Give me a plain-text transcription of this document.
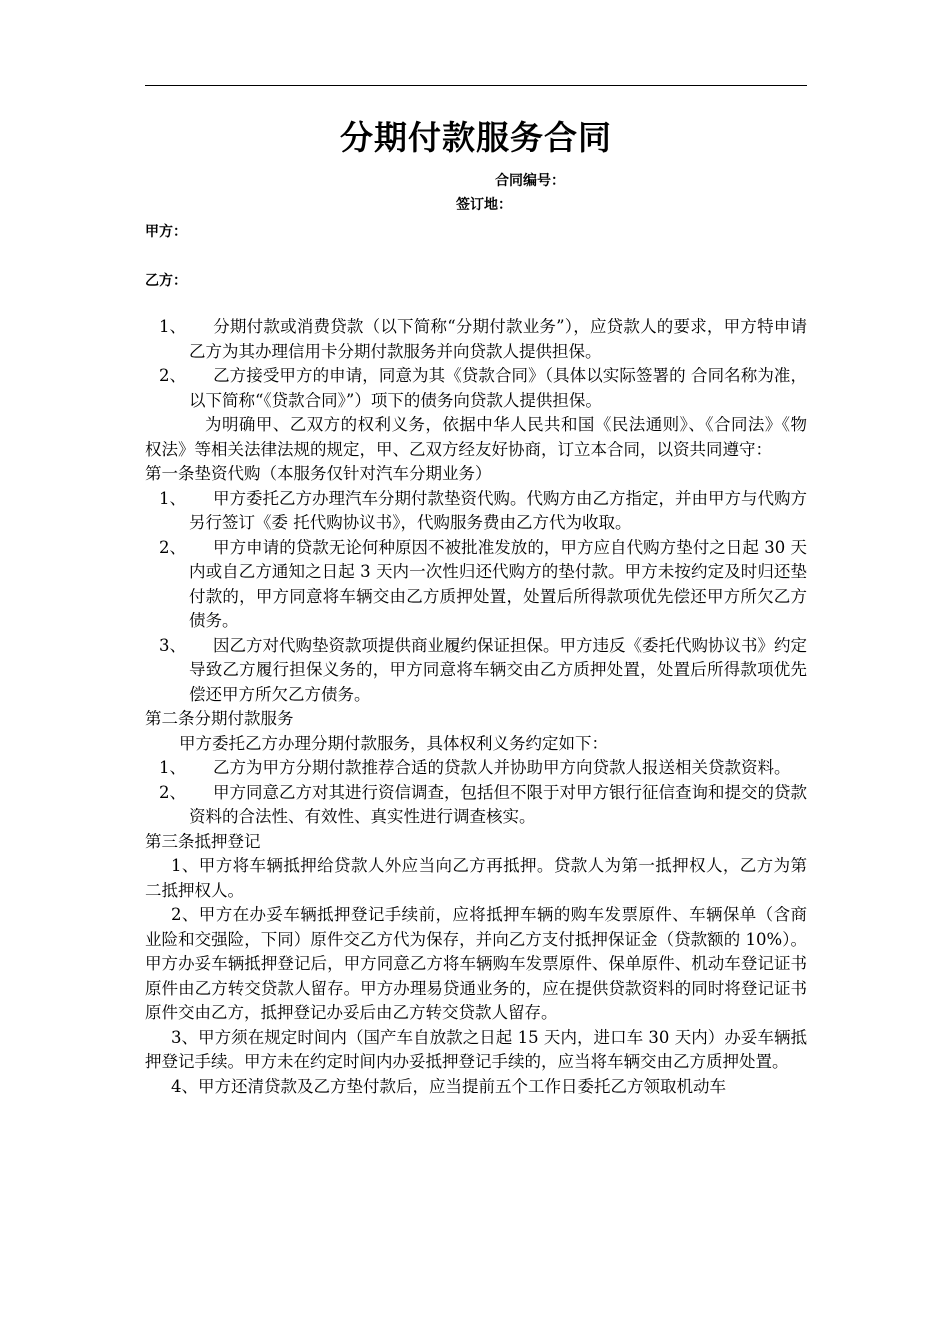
分期付款服务合同
合同编号：
签订地：
甲方：
乙方：
1、	分期付款或消费贷款（以下简称“分期付款业务”），应贷款人的要求，甲方特申请乙方为其办理信用卡分期付款服务并向贷款人提供担保。
2、	乙方接受甲方的申请，同意为其《贷款合同》（具体以实际签署的 合同名称为准，以下简称“《贷款合同》”）项下的债务向贷款人提供担保。
为明确甲、乙双方的权利义务，依据中华人民共和国《民法通则》、《合同法》《物权法》等相关法律法规的规定，甲、乙双方经友好协商，订立本合同，以资共同遵守：
第一条垫资代购（本服务仅针对汽车分期业务）
1、	甲方委托乙方办理汽车分期付款垫资代购。代购方由乙方指定，并由甲方与代购方另行签订《委 托代购协议书》，代购服务费由乙方代为收取。
2、	甲方申请的贷款无论何种原因不被批准发放的，甲方应自代购方垫付之日起 30 天内或自乙方通知之日起 3 天内一次性归还代购方的垫付款。甲方未按约定及时归还垫付款的，甲方同意将车辆交由乙方质押处置，处置后所得款项优先偿还甲方所欠乙方债务。
3、	因乙方对代购垫资款项提供商业履约保证担保。甲方违反《委托代购协议书》约定导致乙方履行担保义务的，甲方同意将车辆交由乙方质押处置，处置后所得款项优先偿还甲方所欠乙方债务。
第二条分期付款服务
甲方委托乙方办理分期付款服务，具体权利义务约定如下：
1、	乙方为甲方分期付款推荐合适的贷款人并协助甲方向贷款人报送相关贷款资料。
2、	甲方同意乙方对其进行资信调查，包括但不限于对甲方银行征信查询和提交的贷款资料的合法性、有效性、真实性进行调查核实。
第三条抵押登记
1、甲方将车辆抵押给贷款人外应当向乙方再抵押。贷款人为第一抵押权人，乙方为第二抵押权人。
2、甲方在办妥车辆抵押登记手续前，应将抵押车辆的购车发票原件、车辆保单（含商业险和交强险，下同）原件交乙方代为保存，并向乙方支付抵押保证金（贷款额的 10%）。甲方办妥车辆抵押登记后，甲方同意乙方将车辆购车发票原件、保单原件、机动车登记证书原件由乙方转交贷款人留存。甲方办理易贷通业务的，应在提供贷款资料的同时将登记证书原件交由乙方，抵押登记办妥后由乙方转交贷款人留存。
3、甲方须在规定时间内（国产车自放款之日起 15 天内，进口车 30 天内）办妥车辆抵押登记手续。甲方未在约定时间内办妥抵押登记手续的，应当将车辆交由乙方质押处置。
4、甲方还清贷款及乙方垫付款后，应当提前五个工作日委托乙方领取机动车
